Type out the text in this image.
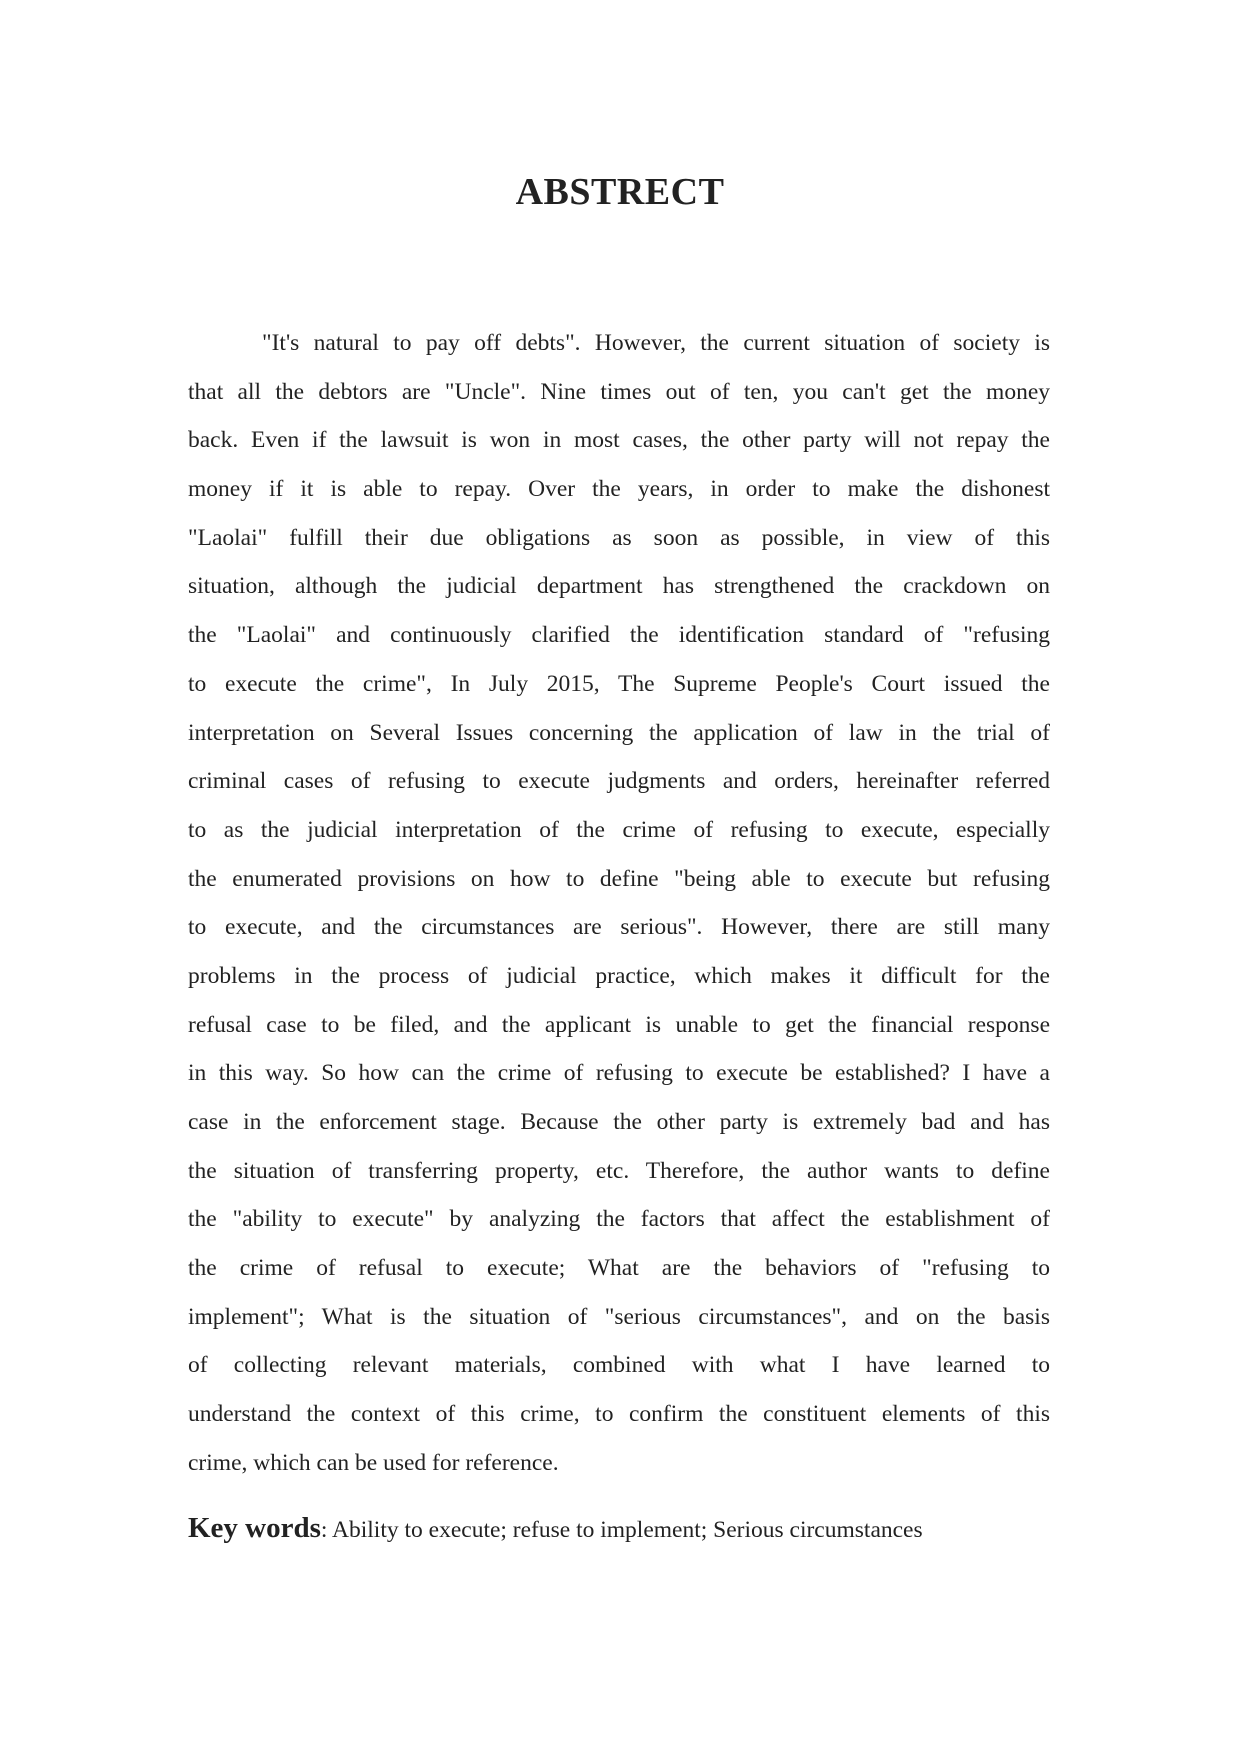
ABSTRECT
"It's natural to pay off debts". However, the current situation of society is
that all the debtors are "Uncle". Nine times out of ten, you can't get the money
back. Even if the lawsuit is won in most cases, the other party will not repay the
money if it is able to repay. Over the years, in order to make the dishonest
"Laolai" fulfill their due obligations as soon as possible, in view of this
situation, although the judicial department has strengthened the crackdown on
the "Laolai" and continuously clarified the identification standard of "refusing
to execute the crime", In July 2015, The Supreme People's Court issued the
interpretation on Several Issues concerning the application of law in the trial of
criminal cases of refusing to execute judgments and orders, hereinafter referred
to as the judicial interpretation of the crime of refusing to execute, especially
the enumerated provisions on how to define "being able to execute but refusing
to execute, and the circumstances are serious". However, there are still many
problems in the process of judicial practice, which makes it difficult for the
refusal case to be filed, and the applicant is unable to get the financial response
in this way. So how can the crime of refusing to execute be established? I have a
case in the enforcement stage. Because the other party is extremely bad and has
the situation of transferring property, etc. Therefore, the author wants to define
the "ability to execute" by analyzing the factors that affect the establishment of
the crime of refusal to execute; What are the behaviors of "refusing to
implement"; What is the situation of "serious circumstances", and on the basis
of collecting relevant materials, combined with what I have learned to
understand the context of this crime, to confirm the constituent elements of this
crime, which can be used for reference.
Key words: Ability to execute; refuse to implement; Serious circumstances
